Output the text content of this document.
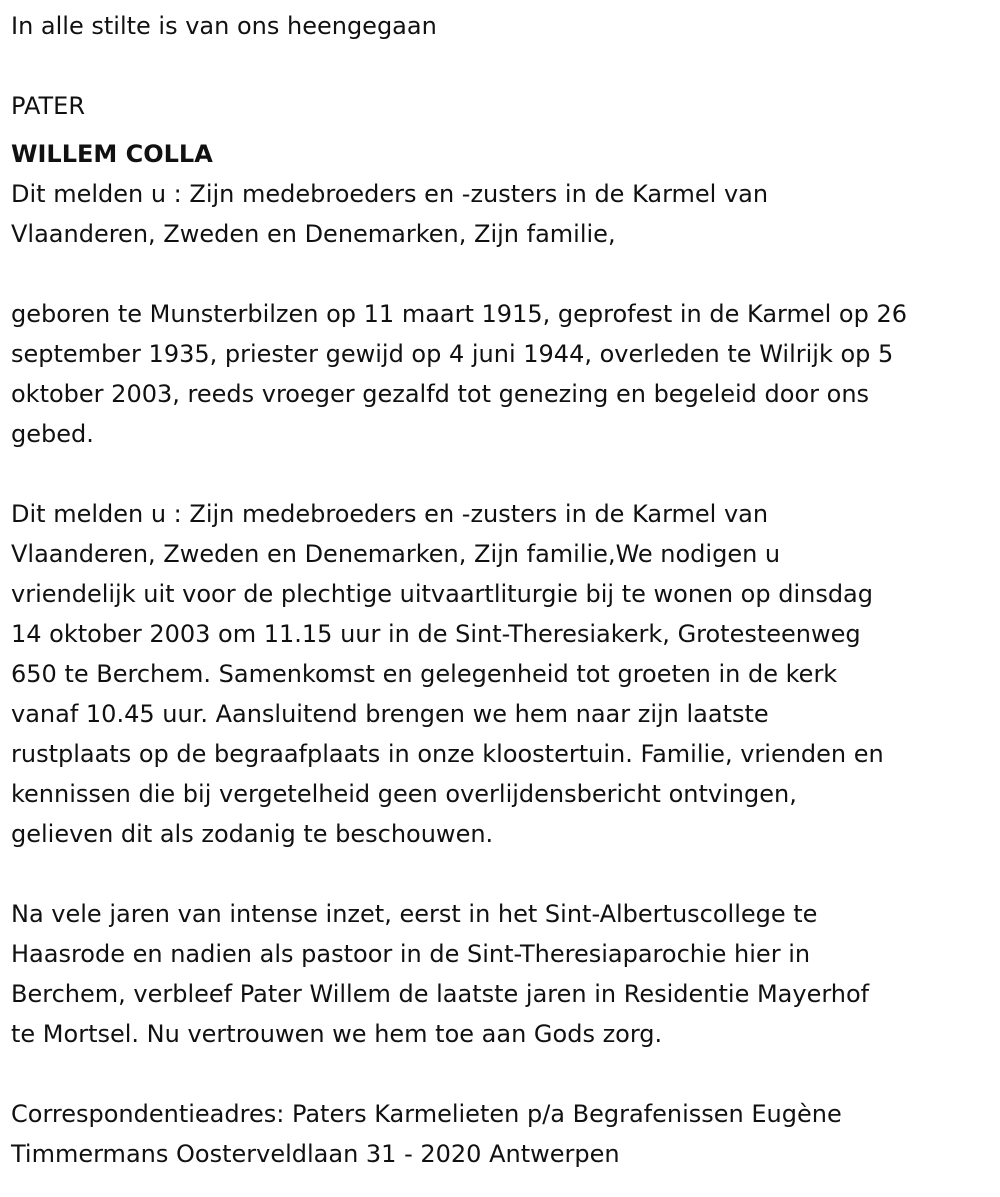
In alle stilte is van ons heengegaan

PATER

WILLEM COLLA

Dit melden u : Zijn medebroeders en -zusters in de Karmel van

Vlaanderen, Zweden en Denemarken, Zijn familie,

geboren te Munsterbilzen op 11 maart 1915, geprofest in de Karmel op 26

september 1935, priester gewijd op 4 juni 1944, overleden te Wilrijk op 5

oktober 2003, reeds vroeger gezalfd tot genezing en begeleid door ons

gebed.

Dit melden u : Zijn medebroeders en -zusters in de Karmel van

Vlaanderen, Zweden en Denemarken, Zijn familie,We nodigen u

vriendelijk uit voor de plechtige uitvaartliturgie bij te wonen op dinsdag

14 oktober 2003 om 11.15 uur in de Sint-Theresiakerk, Grotesteenweg

650 te Berchem. Samenkomst en gelegenheid tot groeten in de kerk

vanaf 10.45 uur. Aansluitend brengen we hem naar zijn laatste

rustplaats op de begraafplaats in onze kloostertuin. Familie, vrienden en

kennissen die bij vergetelheid geen overlijdensbericht ontvingen,

gelieven dit als zodanig te beschouwen.

Na vele jaren van intense inzet, eerst in het Sint-Albertuscollege te

Haasrode en nadien als pastoor in de Sint-Theresiaparochie hier in

Berchem, verbleef Pater Willem de laatste jaren in Residentie Mayerhof

te Mortsel. Nu vertrouwen we hem toe aan Gods zorg.

Correspondentieadres: Paters Karmelieten p/a Begrafenissen Eugène

Timmermans Oosterveldlaan 31 - 2020 Antwerpen
